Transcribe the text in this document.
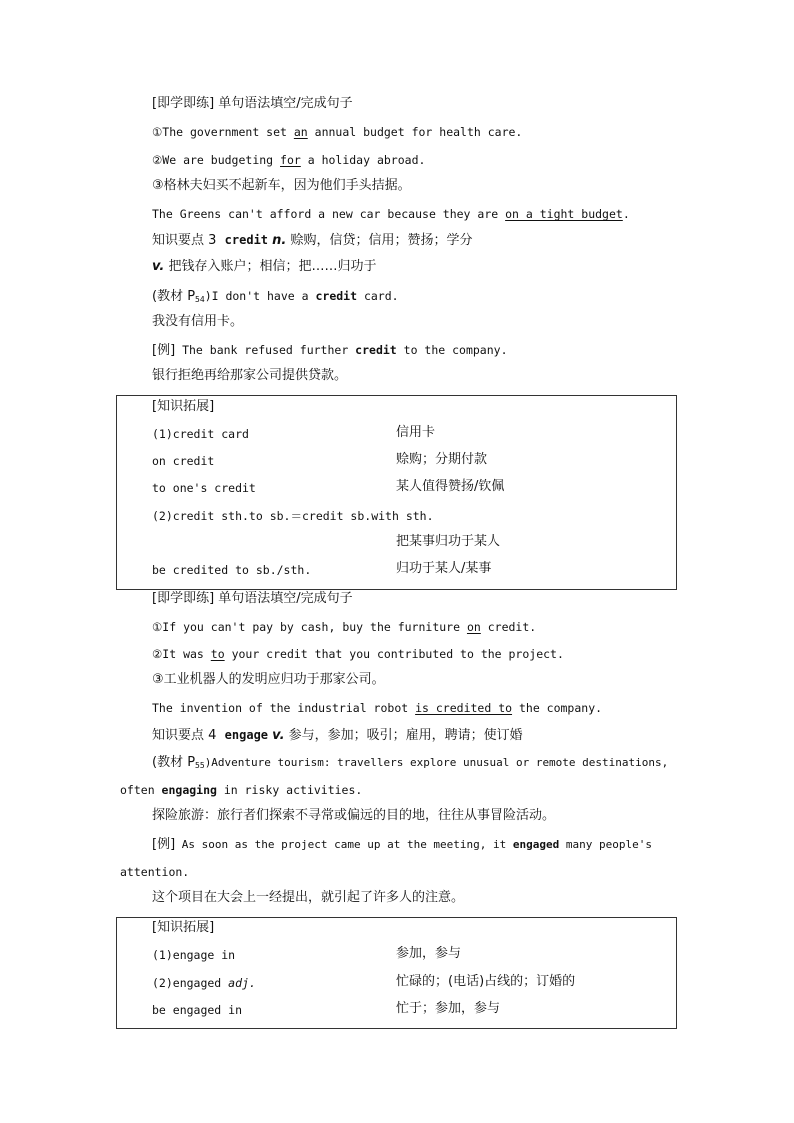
[即学即练] 单句语法填空/完成句子
①The government set an annual budget for health care.
②We are budgeting for a holiday abroad.
③格林夫妇买不起新车，因为他们手头拮据。
The Greens can't afford a new car because they are on a tight budget.
知识要点 3 credit n. 赊购，信贷；信用；赞扬；学分
v. 把钱存入账户；相信；把……归功于
(教材 $P_{54})I$ don't have a credit card.
我没有信用卡。
[例] The bank refused further credit to the company.
银行拒绝再给那家公司提供贷款。
[知识拓展]
(1)credit card	信用卡
on credit	赊购；分期付款
to one's credit	某人值得赞扬/钦佩
(2)credit sth.to sb.＝credit sb.with sth.
把某事归功于某人
be credited to sb./sth.	归功于某人/某事
[即学即练] 单句语法填空/完成句子
①If you can't pay by cash, buy the furniture on credit.
②It was to your credit that you contributed to the project.
③工业机器人的发明应归功于那家公司。
The invention of the industrial robot is credited to the company.
知识要点 4 engage v. 参与，参加；吸引；雇用，聘请；使订婚
(教材 $P_{55})Adventure$ tourism: travellers explore unusual or remote destinations,
often engaging in risky activities.
探险旅游：旅行者们探索不寻常或偏远的目的地，往往从事冒险活动。
[例] As soon as the project came up at the meeting, it engaged many people's
attention.
这个项目在大会上一经提出，就引起了许多人的注意。
[知识拓展]
(1)engage in	参加，参与
(2)engaged adj.	忙碌的；(电话)占线的；订婚的
be engaged in	忙于；参加，参与
